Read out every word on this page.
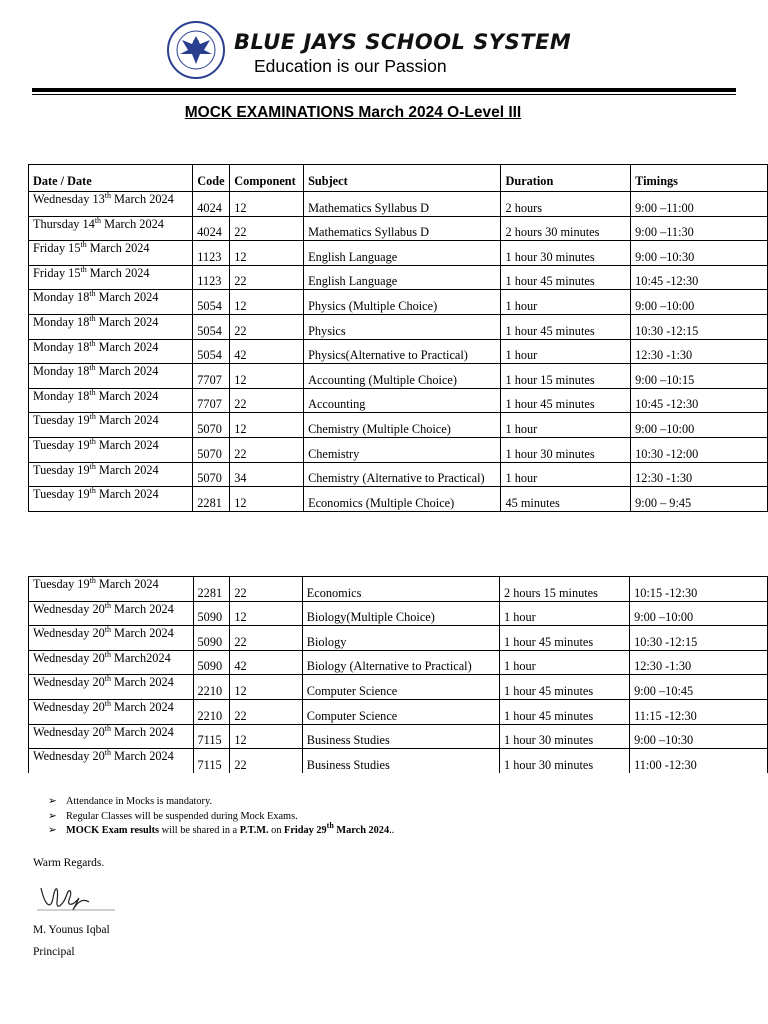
BLUE JAYS SCHOOL SYSTEM
Education is our Passion
MOCK EXAMINATIONS March 2024 O-Level III
Date / Date	Code	Component	Subject	Duration	Timings
Wednesday 13th March 2024	4024	12	Mathematics Syllabus D	2 hours	9:00 –11:00
Thursday 14th March 2024	4024	22	Mathematics Syllabus D	2 hours 30 minutes	9:00 –11:30
Friday 15th March 2024	1123	12	English Language	1 hour 30 minutes	9:00 –10:30
Friday 15th March 2024	1123	22	English Language	1 hour 45 minutes	10:45 -12:30
Monday 18th March 2024	5054	12	Physics (Multiple Choice)	1 hour	9:00 –10:00
Monday 18th March 2024	5054	22	Physics	1 hour 45 minutes	10:30 -12:15
Monday 18th March 2024	5054	42	Physics(Alternative to Practical)	1 hour	12:30 -1:30
Monday 18th March 2024	7707	12	Accounting (Multiple Choice)	1 hour 15 minutes	9:00 –10:15
Monday 18th March 2024	7707	22	Accounting	1 hour 45 minutes	10:45 -12:30
Tuesday 19th March 2024	5070	12	Chemistry (Multiple Choice)	1 hour	9:00 –10:00
Tuesday 19th March 2024	5070	22	Chemistry	1 hour 30 minutes	10:30 -12:00
Tuesday 19th March 2024	5070	34	Chemistry (Alternative to Practical)	1 hour	12:30 -1:30
Tuesday 19th March 2024	2281	12	Economics (Multiple Choice)	45 minutes	9:00 – 9:45
Tuesday 19th March 2024	2281	22	Economics	2 hours 15 minutes	10:15 -12:30
Wednesday 20th March 2024	5090	12	Biology(Multiple Choice)	1 hour	9:00 –10:00
Wednesday 20th March 2024	5090	22	Biology	1 hour 45 minutes	10:30 -12:15
Wednesday 20th March2024	5090	42	Biology (Alternative to Practical)	1 hour	12:30 -1:30
Wednesday 20th March 2024	2210	12	Computer Science	1 hour 45 minutes	9:00 –10:45
Wednesday 20th March 2024	2210	22	Computer Science	1 hour 45 minutes	11:15 -12:30
Wednesday 20th March 2024	7115	12	Business Studies	1 hour 30 minutes	9:00 –10:30
Wednesday 20th March 2024	7115	22	Business Studies	1 hour 30 minutes	11:00 -12:30
➢ Attendance in Mocks is mandatory.
➢ Regular Classes will be suspended during Mock Exams.
➢ MOCK Exam results will be shared in a P.T.M. on Friday 29th March 2024..
Warm Regards.
M. Younus Iqbal
Principal
